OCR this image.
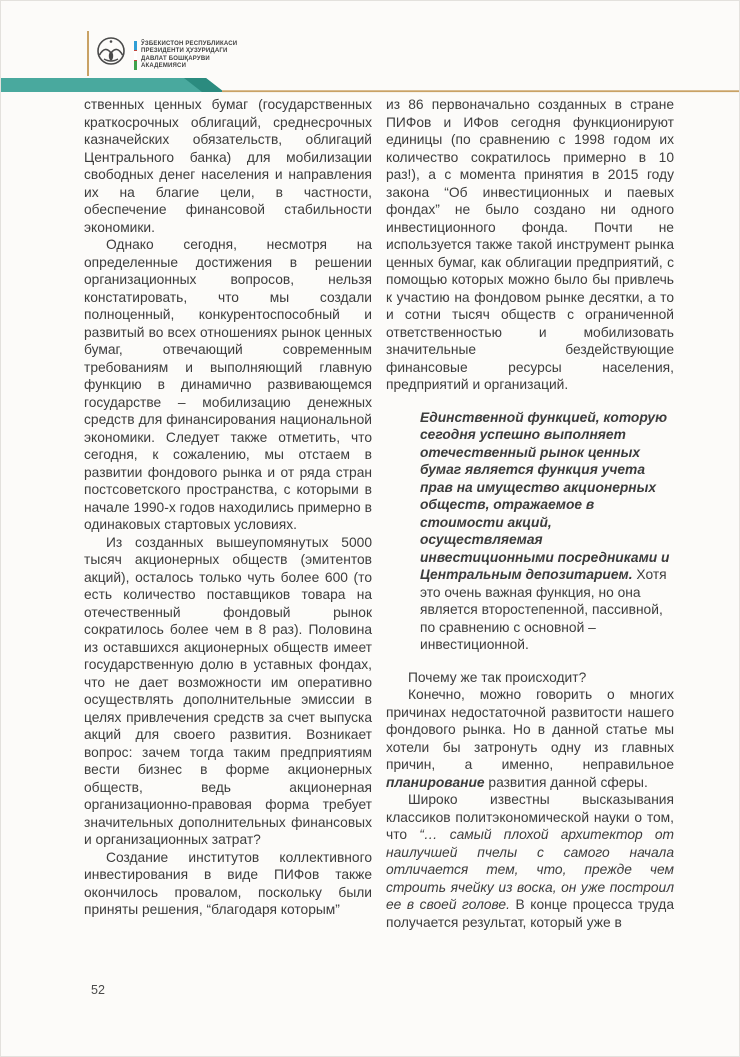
ЎЗБЕКИСТОН РЕСПУБЛИКАСИ
ПРЕЗИДЕНТИ ҲУЗУРИДАГИ
ДАВЛАТ БОШҚАРУВИ
АКАДЕМИЯСИ

ственных ценных бумаг (государственных краткосрочных облигаций, среднесрочных казначейских обязательств, облигаций Центрального банка) для мобилизации свободных денег населения и направления их на благие цели, в частности, обеспечение финансовой стабильности экономики.

Однако сегодня, несмотря на определенные достижения в решении организационных вопросов, нельзя констатировать, что мы создали полноценный, конкурентоспособный и развитый во всех отношениях рынок ценных бумаг, отвечающий современным требованиям и выполняющий главную функцию в динамично развивающемся государстве – мобилизацию денежных средств для финансирования национальной экономики. Следует также отметить, что сегодня, к сожалению, мы отстаем в развитии фондового рынка и от ряда стран постсоветского пространства, с которыми в начале 1990-х годов находились примерно в одинаковых стартовых условиях.

Из созданных вышеупомянутых 5000 тысяч акционерных обществ (эмитентов акций), осталось только чуть более 600 (то есть количество поставщиков товара на отечественный фондовый рынок сократилось более чем в 8 раз). Половина из оставшихся акционерных обществ имеет государственную долю в уставных фондах, что не дает возможности им оперативно осуществлять дополнительные эмиссии в целях привлечения средств за счет выпуска акций для своего развития. Возникает вопрос: зачем тогда таким предприятиям вести бизнес в форме акционерных обществ, ведь акционерная организационно-правовая форма требует значительных дополнительных финансовых и организационных затрат?

Создание институтов коллективного инвестирования в виде ПИФов также окончилось провалом, поскольку были приняты решения, “благодаря которым”

из 86 первоначально созданных в стране ПИФов и ИФов сегодня функционируют единицы (по сравнению с 1998 годом их количество сократилось примерно в 10 раз!), а с момента принятия в 2015 году закона “Об инвестиционных и паевых фондах” не было создано ни одного инвестиционного фонда. Почти не используется также такой инструмент рынка ценных бумаг, как облигации предприятий, с помощью которых можно было бы привлечь к участию на фондовом рынке десятки, а то и сотни тысяч обществ с ограниченной ответственностью и мобилизовать значительные бездействующие финансовые ресурсы населения, предприятий и организаций.

Единственной функцией, которую сегодня успешно выполняет отечественный рынок ценных бумаг является функция учета прав на имущество акционерных обществ, отражаемое в стоимости акций, осуществляемая инвестиционными посредниками и Центральным депозитарием. Хотя это очень важная функция, но она является второстепенной, пассивной, по сравнению с основной – инвестиционной.

Почему же так происходит?

Конечно, можно говорить о многих причинах недостаточной развитости нашего фондового рынка. Но в данной статье мы хотели бы затронуть одну из главных причин, а именно, неправильное планирование развития данной сферы.

Широко известны высказывания классиков политэкономической науки о том, что “… самый плохой архитектор от наилучшей пчелы с самого начала отличается тем, что, прежде чем строить ячейку из воска, он уже построил ее в своей голове. В конце процесса труда получается результат, который уже в

52
